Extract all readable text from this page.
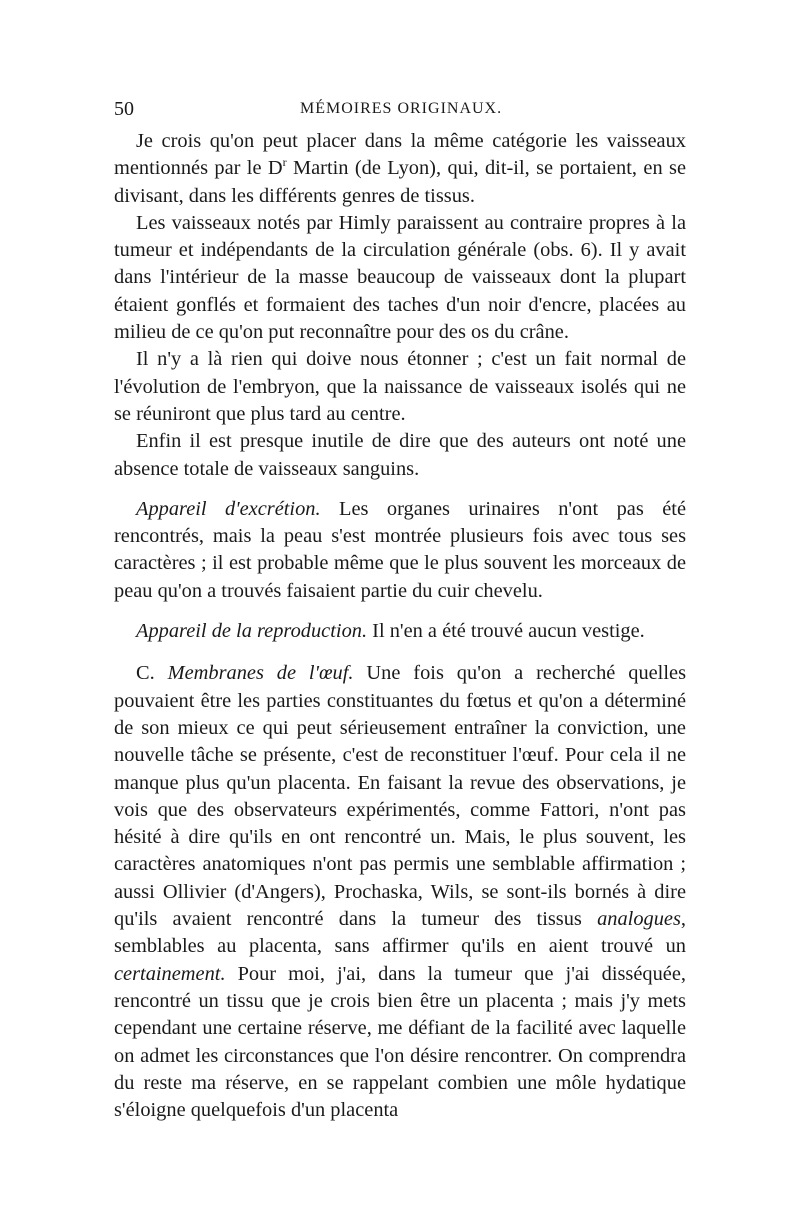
50	MÉMOIRES ORIGINAUX.

Je crois qu'on peut placer dans la même catégorie les vaisseaux mentionnés par le $D^r$ Martin (de Lyon), qui, dit-il, se portaient, en se divisant, dans les différents genres de tissus.

Les vaisseaux notés par Himly paraissent au contraire propres à la tumeur et indépendants de la circulation générale (obs. 6). Il y avait dans l'intérieur de la masse beaucoup de vaisseaux dont la plupart étaient gonflés et formaient des taches d'un noir d'encre, placées au milieu de ce qu'on put reconnaître pour des os du crâne.

Il n'y a là rien qui doive nous étonner ; c'est un fait normal de l'évolution de l'embryon, que la naissance de vaisseaux isolés qui ne se réuniront que plus tard au centre.

Enfin il est presque inutile de dire que des auteurs ont noté une absence totale de vaisseaux sanguins.

Appareil d'excrétion. Les organes urinaires n'ont pas été rencontrés, mais la peau s'est montrée plusieurs fois avec tous ses caractères ; il est probable même que le plus souvent les morceaux de peau qu'on a trouvés faisaient partie du cuir chevelu.

Appareil de la reproduction. Il n'en a été trouvé aucun vestige.

C. Membranes de l'œuf. Une fois qu'on a recherché quelles pouvaient être les parties constituantes du fœtus et qu'on a déterminé de son mieux ce qui peut sérieusement entraîner la conviction, une nouvelle tâche se présente, c'est de reconstituer l'œuf. Pour cela il ne manque plus qu'un placenta. En faisant la revue des observations, je vois que des observateurs expérimentés, comme Fattori, n'ont pas hésité à dire qu'ils en ont rencontré un. Mais, le plus souvent, les caractères anatomiques n'ont pas permis une semblable affirmation ; aussi Ollivier (d'Angers), Prochaska, Wils, se sont-ils bornés à dire qu'ils avaient rencontré dans la tumeur des tissus analogues, semblables au placenta, sans affirmer qu'ils en aient trouvé un certainement. Pour moi, j'ai, dans la tumeur que j'ai disséquée, rencontré un tissu que je crois bien être un placenta ; mais j'y mets cependant une certaine réserve, me défiant de la facilité avec laquelle on admet les circonstances que l'on désire rencontrer. On comprendra du reste ma réserve, en se rappelant combien une môle hydatique s'éloigne quelquefois d'un placenta
